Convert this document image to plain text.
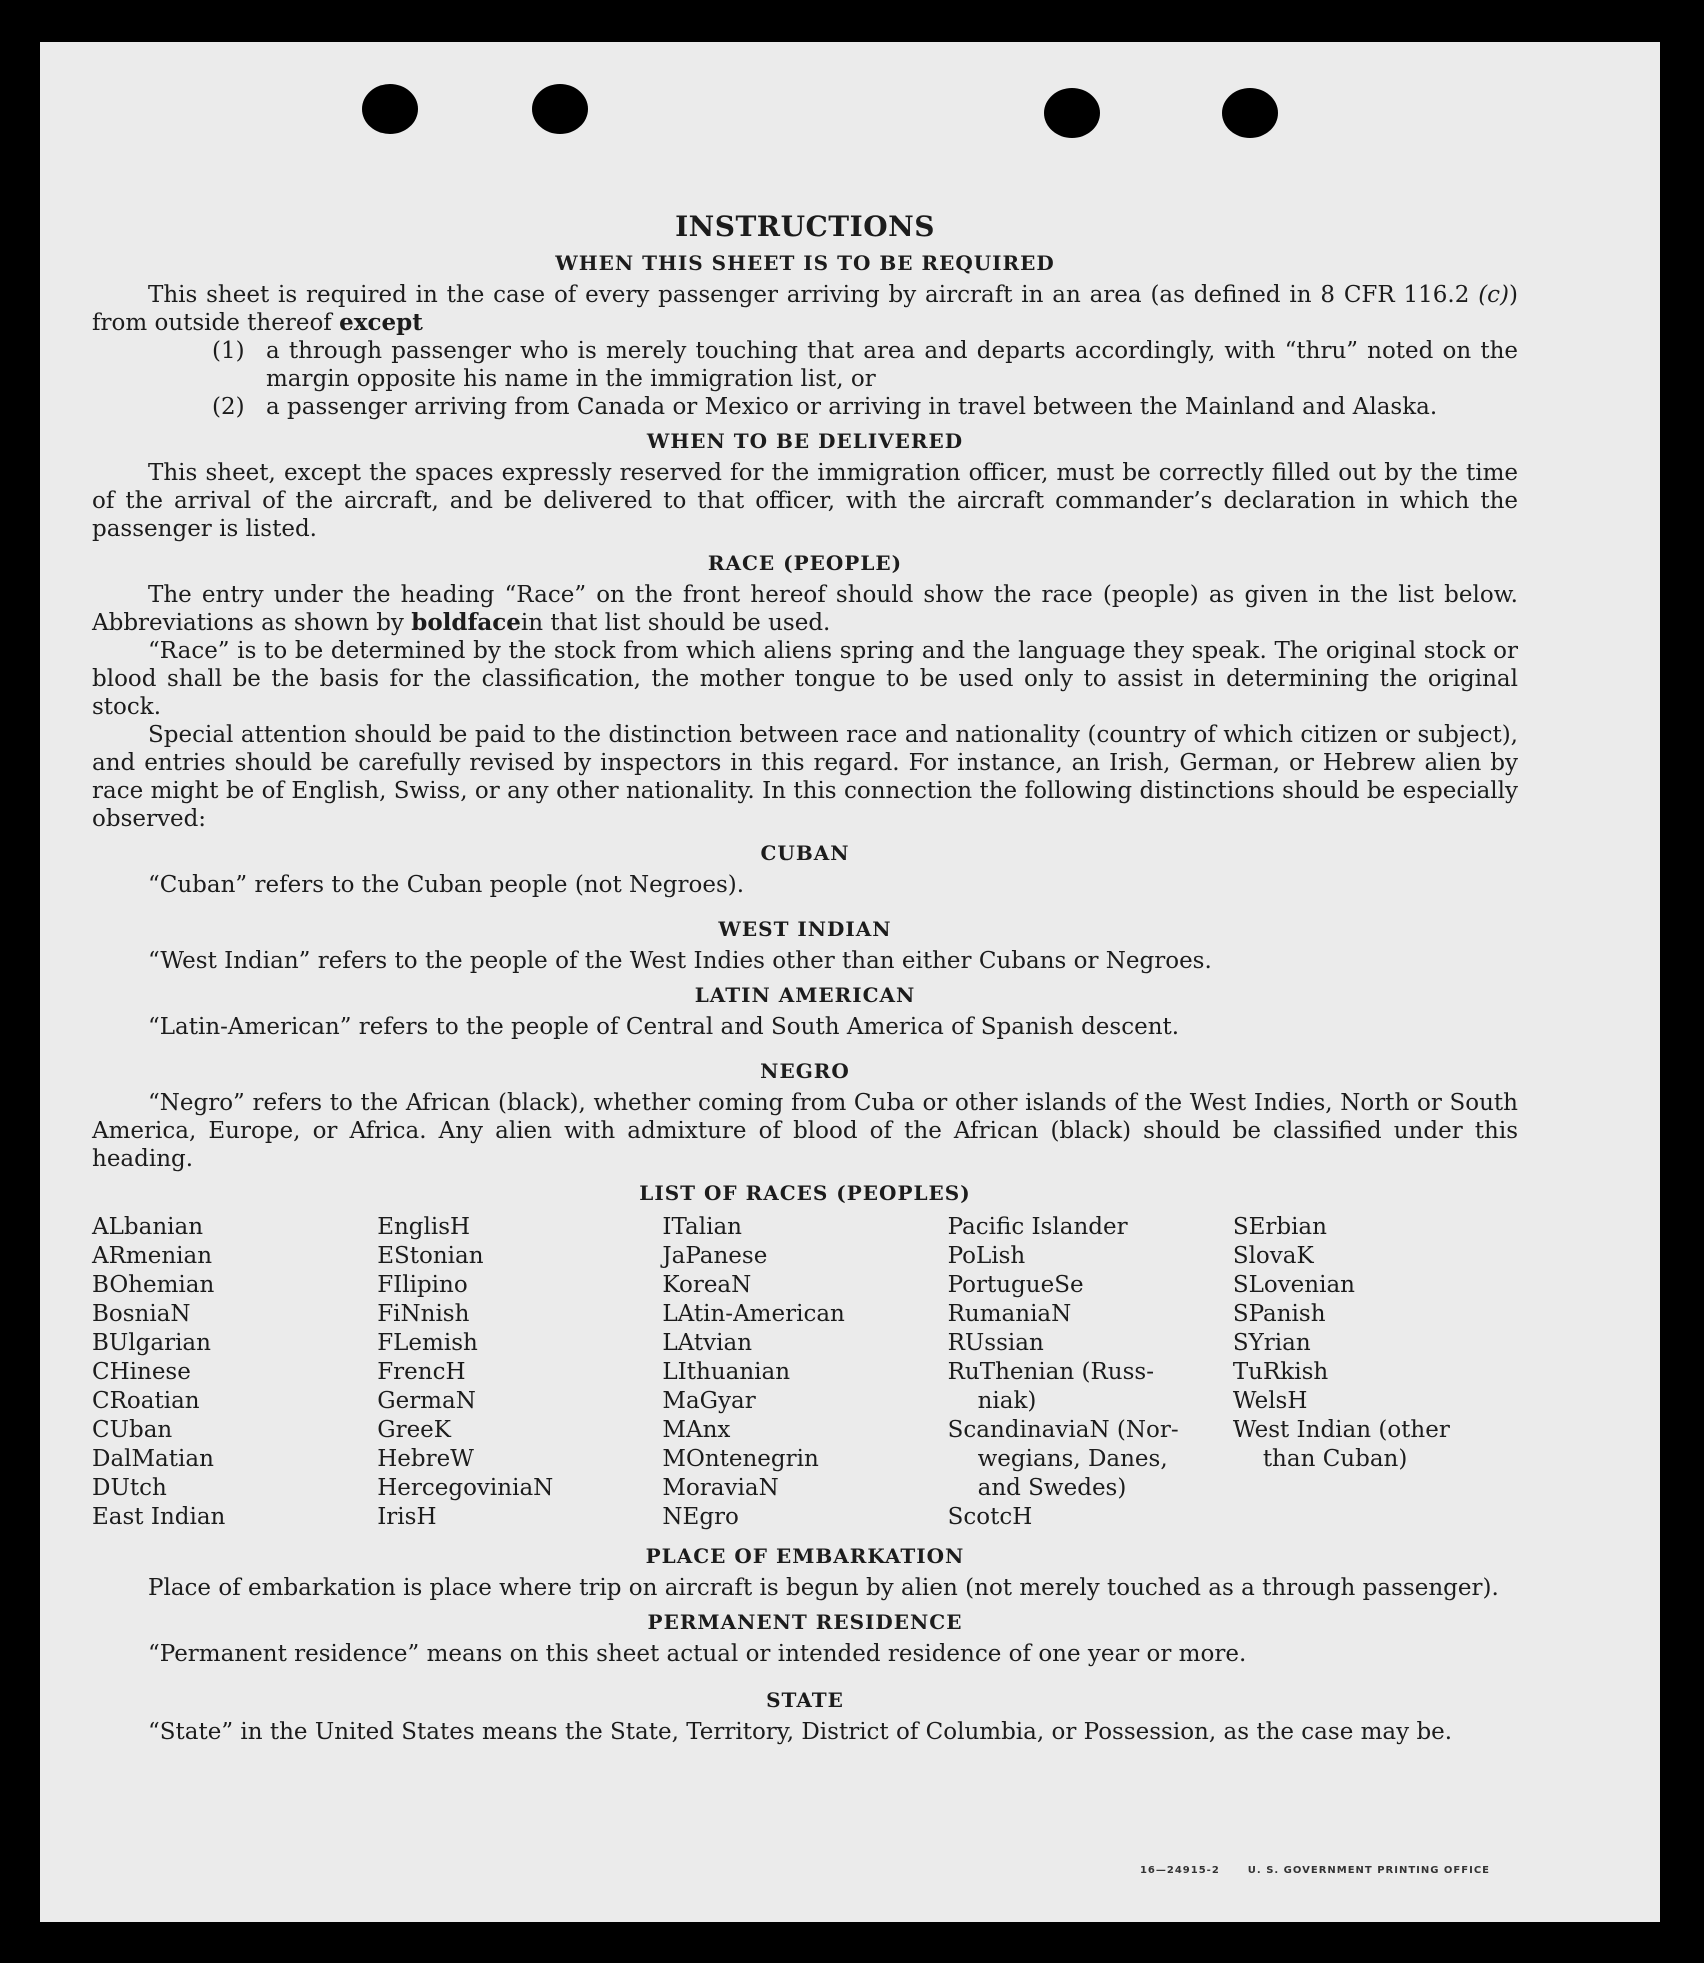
INSTRUCTIONS
WHEN THIS SHEET IS TO BE REQUIRED

This sheet is required in the case of every passenger arriving by aircraft in an area (as defined in 8 CFR 116.2 (c)) from outside thereof except

(1) a through passenger who is merely touching that area and departs accordingly, with “thru” noted on the margin opposite his name in the immigration list, or
(2) a passenger arriving from Canada or Mexico or arriving in travel between the Mainland and Alaska.
WHEN TO BE DELIVERED

This sheet, except the spaces expressly reserved for the immigration officer, must be correctly filled out by the time of the arrival of the aircraft, and be delivered to that officer, with the aircraft commander’s declaration in which the passenger is listed.

RACE (PEOPLE)

The entry under the heading “Race” on the front hereof should show the race (people) as given in the list below. Abbreviations as shown by boldfacein that list should be used.

“Race” is to be determined by the stock from which aliens spring and the language they speak. The original stock or blood shall be the basis for the classification, the mother tongue to be used only to assist in determining the original stock.

Special attention should be paid to the distinction between race and nationality (country of which citizen or subject), and entries should be carefully revised by inspectors in this regard. For instance, an Irish, German, or Hebrew alien by race might be of English, Swiss, or any other nationality. In this connection the following distinctions should be especially observed:

CUBAN

“Cuban” refers to the Cuban people (not Negroes).

WEST INDIAN

“West Indian” refers to the people of the West Indies other than either Cubans or Negroes.

LATIN AMERICAN

“Latin-American” refers to the people of Central and South America of Spanish descent.

NEGRO

“Negro” refers to the African (black), whether coming from Cuba or other islands of the West Indies, North or South America, Europe, or Africa. Any alien with admixture of blood of the African (black) should be classified under this heading.

LIST OF RACES (PEOPLES)
ALbanian
ARmenian
BOhemian
BosniaN
BUlgarian
CHinese
CRoatian
CUban
DalMatian
DUtch
East Indian
EnglisH
EStonian
FIlipino
FiNnish
FLemish
FrencH
GermaN
GreeK
HebreW
HercegoviniaN
IrisH
ITalian
JaPanese
KoreaN
LAtin-American
LAtvian
LIthuanian
MaGyar
MAnx
MOntenegrin
MoraviaN
NEgro
Pacific Islander
PoLish
PortugueSe
RumaniaN
RUssian
RuThenian (Russ-
niak)
ScandinaviaN (Nor-
wegians, Danes,
and Swedes)
ScotcH
SErbian
SlovaK
SLovenian
SPanish
SYrian
TuRkish
WelsH
West Indian (other
than Cuban)
PLACE OF EMBARKATION

Place of embarkation is place where trip on aircraft is begun by alien (not merely touched as a through passenger).

PERMANENT RESIDENCE

“Permanent residence” means on this sheet actual or intended residence of one year or more.

STATE

“State” in the United States means the State, Territory, District of Columbia, or Possession, as the case may be.

16—24915-2	U. S. GOVERNMENT PRINTING OFFICE
